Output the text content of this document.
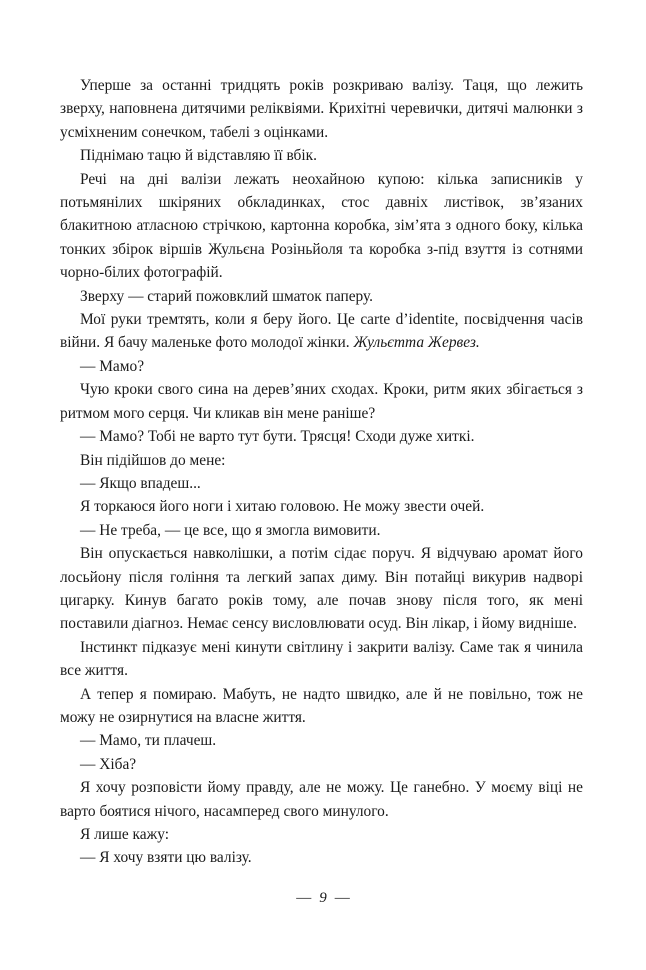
Уперше за останні тридцять років розкриваю валізу. Таця, що лежить зверху, наповнена дитячими реліквіями. Крихітні черевички, дитячі малюнки з усміхненим сонечком, табелі з оцінками.

Піднімаю тацю й відставляю її вбік.

Речі на дні валізи лежать неохайною купою: кілька записників у потьмянілих шкіряних обкладинках, стос давніх листівок, зв’язаних блакитною атласною стрічкою, картонна коробка, зім’ята з одного боку, кілька тонких збірок віршів Жульєна Розіньйоля та коробка з-під взуття із сотнями чорно-білих фотографій.

Зверху — старий пожовклий шматок паперу.

Мої руки тремтять, коли я беру його. Це carte d’identite, посвідчення часів війни. Я бачу маленьке фото молодої жінки. Жульєтта Жервез.

— Мамо?

Чую кроки свого сина на дерев’яних сходах. Кроки, ритм яких збігається з ритмом мого серця. Чи кликав він мене раніше?

— Мамо? Тобі не варто тут бути. Трясця! Сходи дуже хиткі.

Він підійшов до мене:

— Якщо впадеш...

Я торкаюся його ноги і хитаю головою. Не можу звести очей.

— Не треба, — це все, що я змогла вимовити.

Він опускається навколішки, а потім сідає поруч. Я відчуваю аромат його лосьйону після гоління та легкий запах диму. Він потайці викурив надворі цигарку. Кинув багато років тому, але почав знову після того, як мені поставили діагноз. Немає сенсу висловлювати осуд. Він лікар, і йому видніше.

Інстинкт підказує мені кинути світлину і закрити валізу. Саме так я чинила все життя.

А тепер я помираю. Мабуть, не надто швидко, але й не повільно, тож не можу не озирнутися на власне життя.

— Мамо, ти плачеш.

— Хіба?

Я хочу розповісти йому правду, але не можу. Це ганебно. У моєму віці не варто боятися нічого, насамперед свого минулого.

Я лише кажу:

— Я хочу взяти цю валізу.

— 9 —
